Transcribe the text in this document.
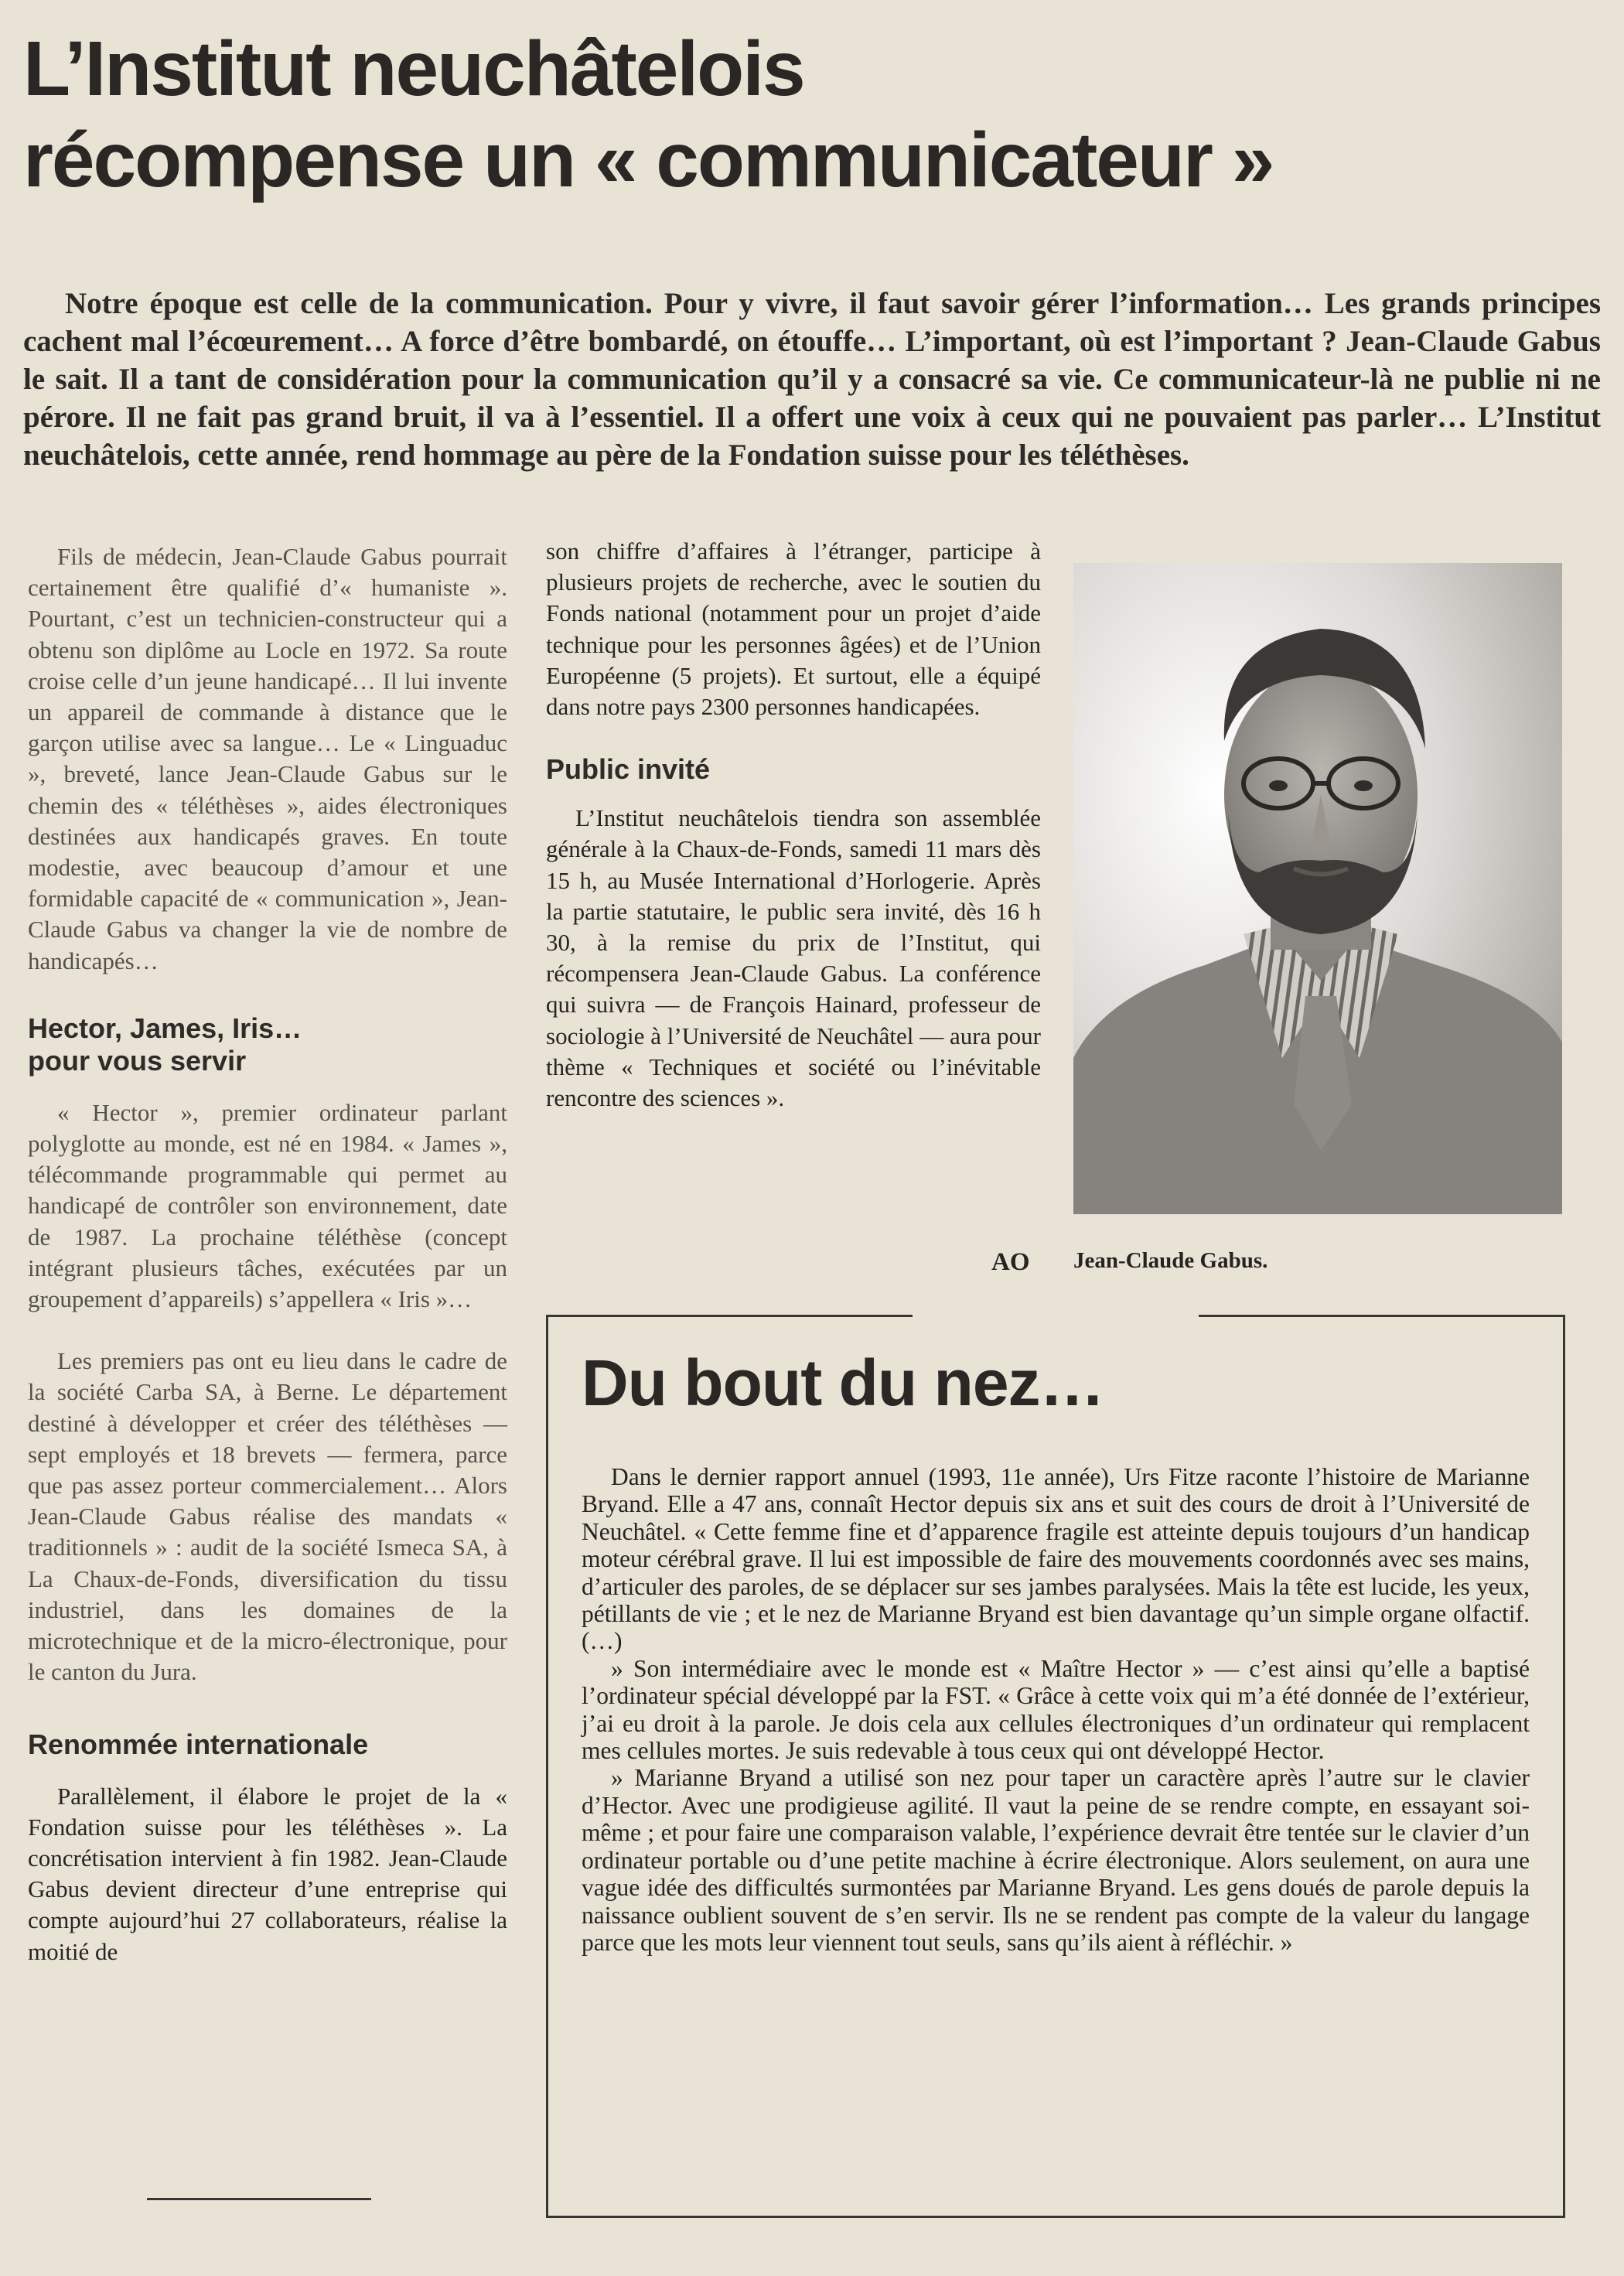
L’Institut neuchâtelois
récompense un « communicateur »

Notre époque est celle de la communication. Pour y vivre, il faut savoir gérer l’information… Les grands principes cachent mal l’écœurement… A force d’être bombardé, on étouffe… L’important, où est l’important ? Jean-Claude Gabus le sait. Il a tant de considération pour la communication qu’il y a consacré sa vie. Ce communicateur-là ne publie ni ne pérore. Il ne fait pas grand bruit, il va à l’essentiel. Il a offert une voix à ceux qui ne pouvaient pas parler… L’Institut neuchâtelois, cette année, rend hommage au père de la Fondation suisse pour les téléthèses.

Fils de médecin, Jean-Claude Gabus pourrait certainement être qualifié d’« humaniste ». Pourtant, c’est un technicien-constructeur qui a obtenu son diplôme au Locle en 1972. Sa route croise celle d’un jeune handicapé… Il lui invente un appareil de commande à distance que le garçon utilise avec sa langue… Le « Linguaduc », breveté, lance Jean-Claude Gabus sur le chemin des « téléthèses », aides électroniques destinées aux handicapés graves. En toute modestie, avec beaucoup d’amour et une formidable capacité de « communication », Jean-Claude Gabus va changer la vie de nombre de handicapés…

Hector, James, Iris…
pour vous servir

« Hector », premier ordinateur parlant polyglotte au monde, est né en 1984. « James », télécommande programmable qui permet au handicapé de contrôler son environnement, date de 1987. La prochaine téléthèse (concept intégrant plusieurs tâches, exécutées par un groupement d’appareils) s’appellera « Iris »…

Les premiers pas ont eu lieu dans le cadre de la société Carba SA, à Berne. Le département destiné à développer et créer des téléthèses — sept employés et 18 brevets — fermera, parce que pas assez porteur commercialement… Alors Jean-Claude Gabus réalise des mandats « traditionnels » : audit de la société Ismeca SA, à La Chaux-de-Fonds, diversification du tissu industriel, dans les domaines de la microtechnique et de la micro-électronique, pour le canton du Jura.

Renommée internationale

Parallèlement, il élabore le projet de la « Fondation suisse pour les téléthèses ». La concrétisation intervient à fin 1982. Jean-Claude Gabus devient directeur d’une entreprise qui compte aujourd’hui 27 collaborateurs, réalise la moitié de

son chiffre d’affaires à l’étranger, participe à plusieurs projets de recherche, avec le soutien du Fonds national (notamment pour un projet d’aide technique pour les personnes âgées) et de l’Union Européenne (5 projets). Et surtout, elle a équipé dans notre pays 2300 personnes handicapées.

Public invité

L’Institut neuchâtelois tiendra son assemblée générale à la Chaux-de-Fonds, samedi 11 mars dès 15 h, au Musée International d’Horlogerie. Après la partie statutaire, le public sera invité, dès 16 h 30, à la remise du prix de l’Institut, qui récompensera Jean-Claude Gabus. La conférence qui suivra — de François Hainard, professeur de sociologie à l’Université de Neuchâtel — aura pour thème « Techniques et société ou l’inévitable rencontre des sciences ».

AO Jean-Claude Gabus.

Du bout du nez…

Dans le dernier rapport annuel (1993, 11e année), Urs Fitze raconte l’histoire de Marianne Bryand. Elle a 47 ans, connaît Hector depuis six ans et suit des cours de droit à l’Université de Neuchâtel. « Cette femme fine et d’apparence fragile est atteinte depuis toujours d’un handicap moteur cérébral grave. Il lui est impossible de faire des mouvements coordonnés avec ses mains, d’articuler des paroles, de se déplacer sur ses jambes paralysées. Mais la tête est lucide, les yeux, pétillants de vie ; et le nez de Marianne Bryand est bien davantage qu’un simple organe olfactif. (…)

» Son intermédiaire avec le monde est « Maître Hector » — c’est ainsi qu’elle a baptisé l’ordinateur spécial développé par la FST. « Grâce à cette voix qui m’a été donnée de l’extérieur, j’ai eu droit à la parole. Je dois cela aux cellules électroniques d’un ordinateur qui remplacent mes cellules mortes. Je suis redevable à tous ceux qui ont développé Hector.

» Marianne Bryand a utilisé son nez pour taper un caractère après l’autre sur le clavier d’Hector. Avec une prodigieuse agilité. Il vaut la peine de se rendre compte, en essayant soi-même ; et pour faire une comparaison valable, l’expérience devrait être tentée sur le clavier d’un ordinateur portable ou d’une petite machine à écrire électronique. Alors seulement, on aura une vague idée des difficultés surmontées par Marianne Bryand. Les gens doués de parole depuis la naissance oublient souvent de s’en servir. Ils ne se rendent pas compte de la valeur du langage parce que les mots leur viennent tout seuls, sans qu’ils aient à réfléchir. »
